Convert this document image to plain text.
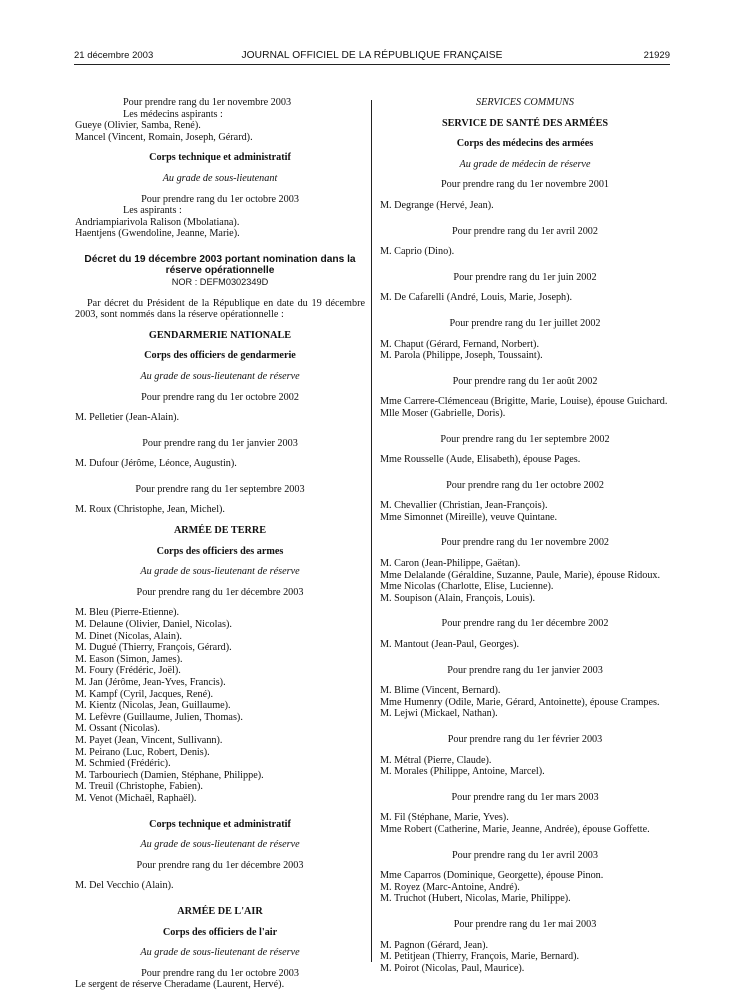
21 décembre 2003	JOURNAL OFFICIEL DE LA RÉPUBLIQUE FRANÇAISE	21929

Pour prendre rang du 1er novembre 2003

Les médecins aspirants :

Gueye (Olivier, Samba, René).

Mancel (Vincent, Romain, Joseph, Gérard).

Corps technique et administratif

Au grade de sous-lieutenant

Pour prendre rang du 1er octobre 2003

Les aspirants :

Andriampiarivola Ralison (Mbolatiana).

Haentjens (Gwendoline, Jeanne, Marie).

Décret du 19 décembre 2003 portant nomination dans la réserve opérationnelle

NOR : DEFM0302349D

Par décret du Président de la République en date du 19 décembre 2003, sont nommés dans la réserve opérationnelle :

GENDARMERIE NATIONALE

Corps des officiers de gendarmerie

Au grade de sous-lieutenant de réserve

Pour prendre rang du 1er octobre 2002

M. Pelletier (Jean-Alain).

Pour prendre rang du 1er janvier 2003

M. Dufour (Jérôme, Léonce, Augustin).

Pour prendre rang du 1er septembre 2003

M. Roux (Christophe, Jean, Michel).

ARMÉE DE TERRE

Corps des officiers des armes

Au grade de sous-lieutenant de réserve

Pour prendre rang du 1er décembre 2003

M. Bleu (Pierre-Etienne).

M. Delaune (Olivier, Daniel, Nicolas).

M. Dinet (Nicolas, Alain).

M. Dugué (Thierry, François, Gérard).

M. Eason (Simon, James).

M. Foury (Frédéric, Joël).

M. Jan (Jérôme, Jean-Yves, Francis).

M. Kampf (Cyril, Jacques, René).

M. Kientz (Nicolas, Jean, Guillaume).

M. Lefèvre (Guillaume, Julien, Thomas).

M. Ossant (Nicolas).

M. Payet (Jean, Vincent, Sullivann).

M. Peirano (Luc, Robert, Denis).

M. Schmied (Frédéric).

M. Tarbouriech (Damien, Stéphane, Philippe).

M. Treuil (Christophe, Fabien).

M. Venot (Michaël, Raphaël).

Corps technique et administratif

Au grade de sous-lieutenant de réserve

Pour prendre rang du 1er décembre 2003

M. Del Vecchio (Alain).

ARMÉE DE L'AIR

Corps des officiers de l'air

Au grade de sous-lieutenant de réserve

Pour prendre rang du 1er octobre 2003

Le sergent de réserve Cheradame (Laurent, Hervé).

SERVICES COMMUNS

SERVICE DE SANTÉ DES ARMÉES

Corps des médecins des armées

Au grade de médecin de réserve

Pour prendre rang du 1er novembre 2001

M. Degrange (Hervé, Jean).

Pour prendre rang du 1er avril 2002

M. Caprio (Dino).

Pour prendre rang du 1er juin 2002

M. De Cafarelli (André, Louis, Marie, Joseph).

Pour prendre rang du 1er juillet 2002

M. Chaput (Gérard, Fernand, Norbert).

M. Parola (Philippe, Joseph, Toussaint).

Pour prendre rang du 1er août 2002

Mme Carrere-Clémenceau (Brigitte, Marie, Louise), épouse Guichard.

Mlle Moser (Gabrielle, Doris).

Pour prendre rang du 1er septembre 2002

Mme Rousselle (Aude, Elisabeth), épouse Pages.

Pour prendre rang du 1er octobre 2002

M. Chevallier (Christian, Jean-François).

Mme Simonnet (Mireille), veuve Quintane.

Pour prendre rang du 1er novembre 2002

M. Caron (Jean-Philippe, Gaëtan).

Mme Delalande (Géraldine, Suzanne, Paule, Marie), épouse Ridoux.

Mme Nicolas (Charlotte, Elise, Lucienne).

M. Soupison (Alain, François, Louis).

Pour prendre rang du 1er décembre 2002

M. Mantout (Jean-Paul, Georges).

Pour prendre rang du 1er janvier 2003

M. Blime (Vincent, Bernard).

Mme Humenry (Odile, Marie, Gérard, Antoinette), épouse Crampes.

M. Lejwi (Mickael, Nathan).

Pour prendre rang du 1er février 2003

M. Métral (Pierre, Claude).

M. Morales (Philippe, Antoine, Marcel).

Pour prendre rang du 1er mars 2003

M. Fil (Stéphane, Marie, Yves).

Mme Robert (Catherine, Marie, Jeanne, Andrée), épouse Goffette.

Pour prendre rang du 1er avril 2003

Mme Caparros (Dominique, Georgette), épouse Pinon.

M. Royez (Marc-Antoine, André).

M. Truchot (Hubert, Nicolas, Marie, Philippe).

Pour prendre rang du 1er mai 2003

M. Pagnon (Gérard, Jean).

M. Petitjean (Thierry, François, Marie, Bernard).

M. Poirot (Nicolas, Paul, Maurice).
